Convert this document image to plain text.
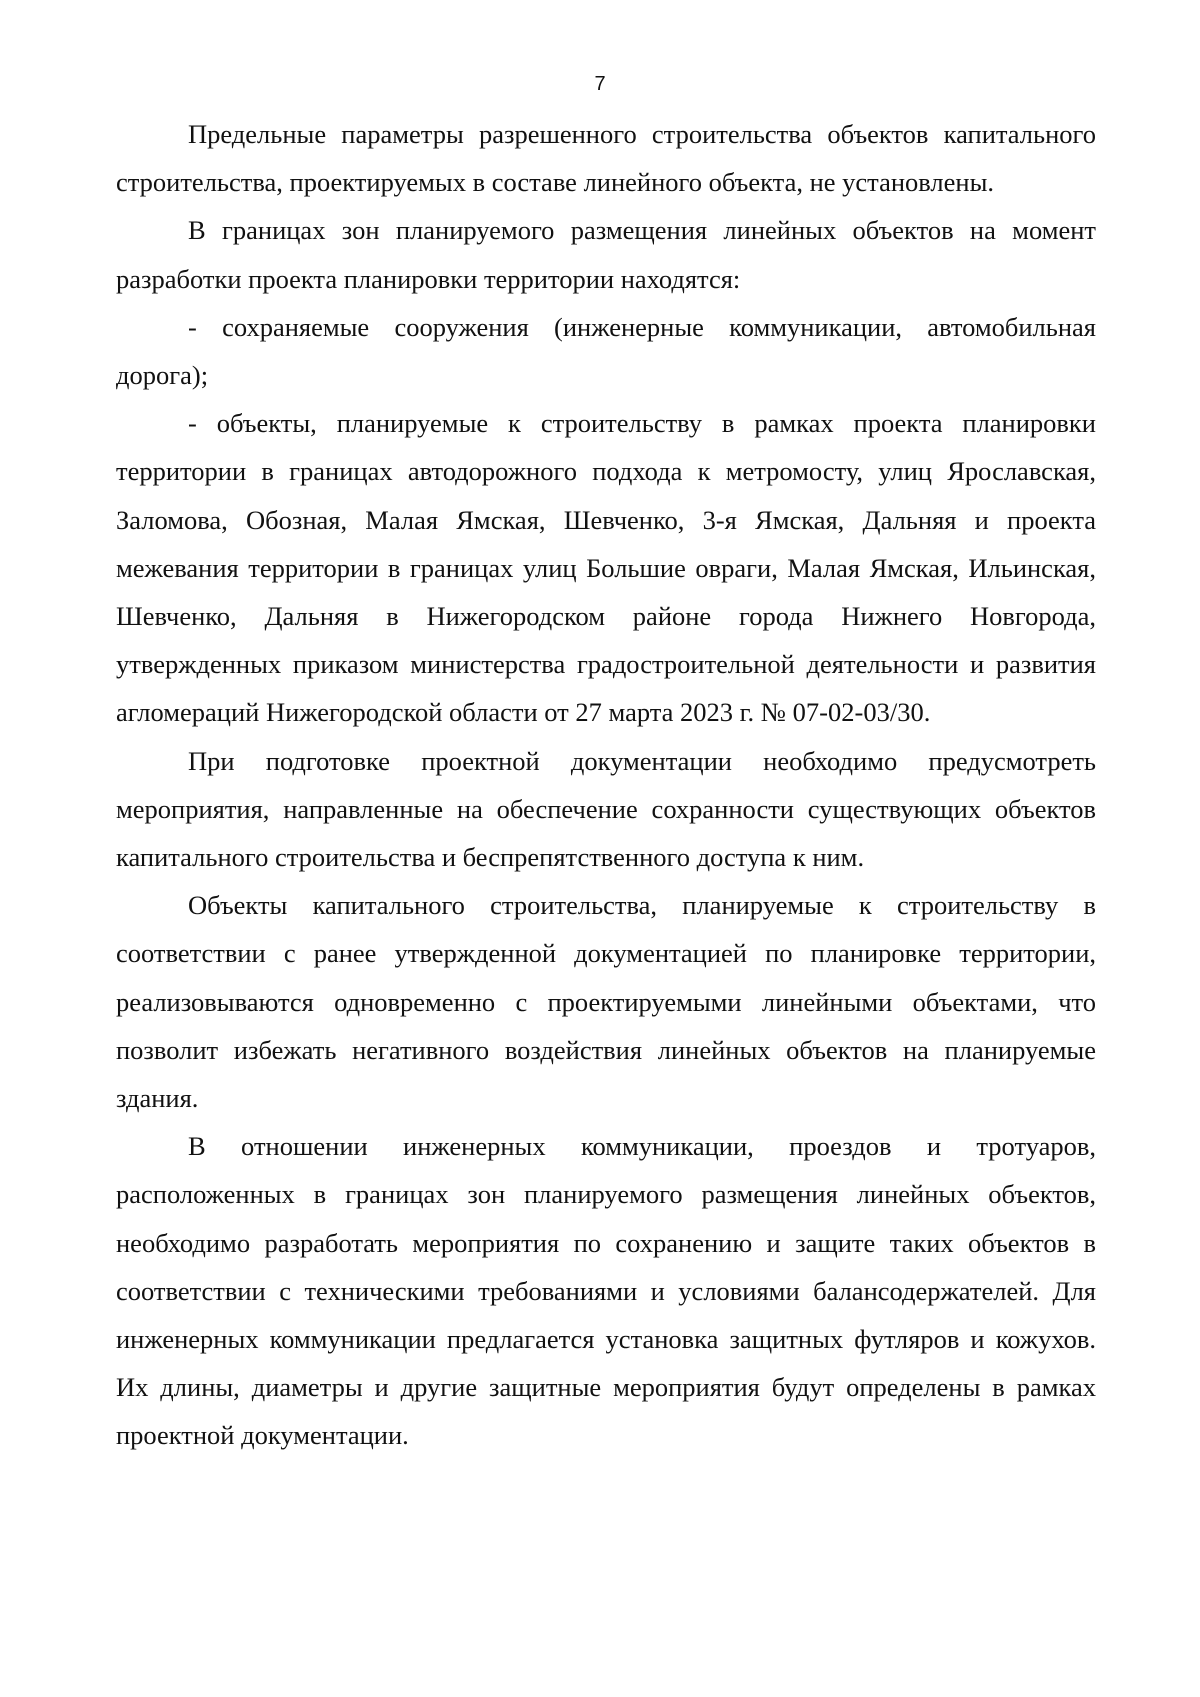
7

Предельные параметры разрешенного строительства объектов капитального строительства, проектируемых в составе линейного объекта, не установлены.

В границах зон планируемого размещения линейных объектов на момент разработки проекта планировки территории находятся:

- сохраняемые сооружения (инженерные коммуникации, автомобильная дорога);

- объекты, планируемые к строительству в рамках проекта планировки территории в границах автодорожного подхода к метромосту, улиц Ярославская, Заломова, Обозная, Малая Ямская, Шевченко, 3-я Ямская, Дальняя и проекта межевания территории в границах улиц Большие овраги, Малая Ямская, Ильинская, Шевченко, Дальняя в Нижегородском районе города Нижнего Новгорода, утвержденных приказом министерства градостроительной деятельности и развития агломераций Нижегородской области от 27 марта 2023 г. № 07-02-03/30.

При подготовке проектной документации необходимо предусмотреть мероприятия, направленные на обеспечение сохранности существующих объектов капитального строительства и беспрепятственного доступа к ним.

Объекты капитального строительства, планируемые к строительству в соответствии с ранее утвержденной документацией по планировке территории, реализовываются одновременно с проектируемыми линейными объектами, что позволит избежать негативного воздействия линейных объектов на планируемые здания.

В отношении инженерных коммуникации, проездов и тротуаров, расположенных в границах зон планируемого размещения линейных объектов, необходимо разработать мероприятия по сохранению и защите таких объектов в соответствии с техническими требованиями и условиями балансодержателей. Для инженерных коммуникации предлагается установка защитных футляров и кожухов. Их длины, диаметры и другие защитные мероприятия будут определены в рамках проектной документации.
